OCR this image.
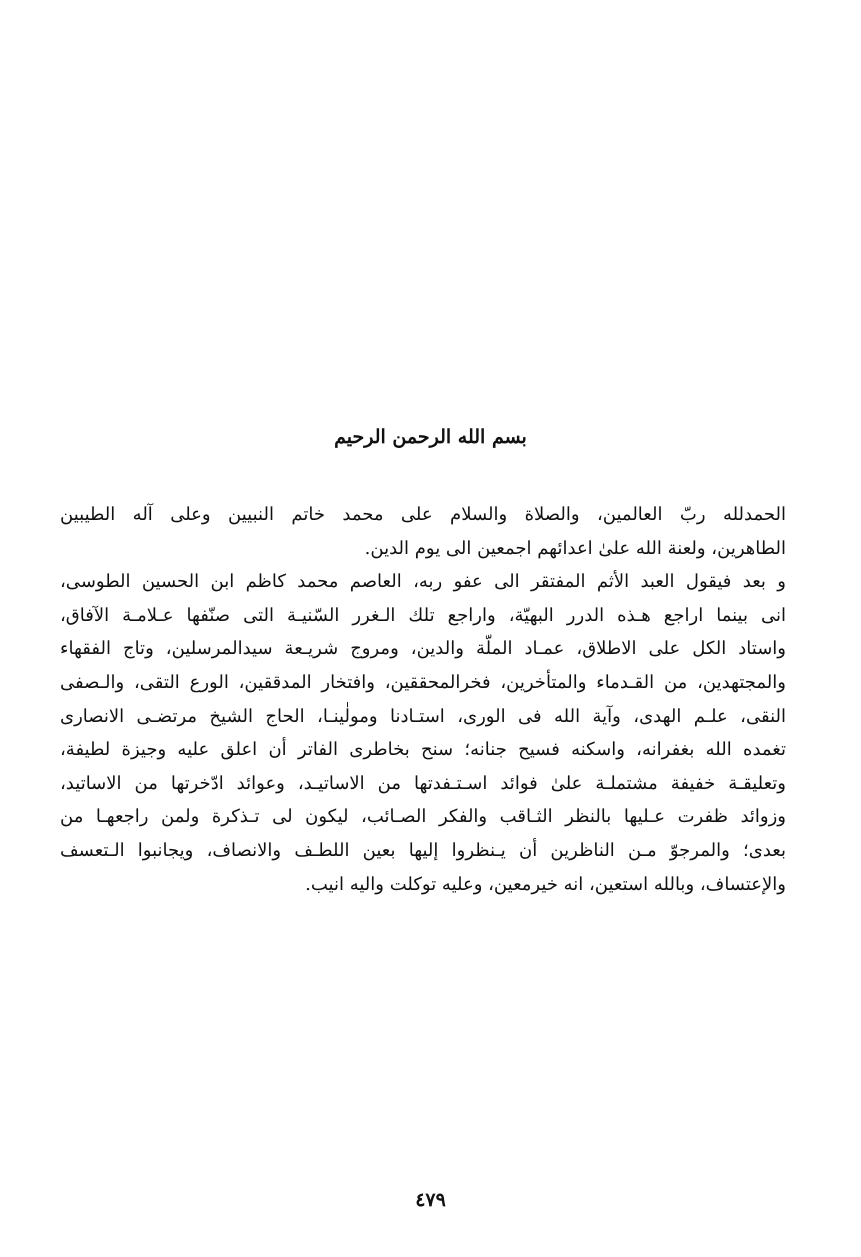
بسم الله الرحمن الرحيم
الحمدلله ربّ العالمين، والصلاة والسلام على محمد خاتم النبيين وعلى آله الطيبين
الطاهرين، ولعنة الله علىٰ اعدائهم اجمعين الى يوم الدين.
و بعد فيقول العبد الأثم المفتقر الى عفو ربه، العاصم محمد كاظم ابن الحسين الطوسى،
انى بينما اراجع هـذه الدرر البهيّة، واراجع تلك الـغرر السّنيـة التى صنّفها عـلامـة الآفاق،
واستاد الكل على الاطلاق، عمـاد الملّة والدين، ومروج شريـعة سيدالمرسلين، وتاج الفقهاء
والمجتهدين، من القـدماء والمتأخرين، فخرالمحققين، وافتخار المدققين، الورع التقى، والـصفى
النقى، علـم الهدى، وآية الله فى الورى، استـادنا ومولٰينـا، الحاج الشيخ مرتضـى الانصارى
تغمده الله بغفرانه، واسكنه فسيح جنانه؛ سنح بخاطرى الفاتر أن اعلق عليه وجيزة لطيفة،
وتعليقـة خفيفة مشتملـة علىٰ فوائد اسـتـفدتها من الاساتيـد، وعوائد ادّخرتها من الاساتيد،
وزوائد ظفرت عـليها بالنظر الثـاقب والفكر الصـائب، ليكون لى تـذكرة ولمن راجعهـا من
بعدى؛ والمرجوّ مـن الناظرين أن يـنظروا إليها بعين اللطـف والانصاف، ويجانبوا الـتعسف
والإعتساف، وبالله استعين، انه خيرمعين، وعليه توكلت واليه انيب.
٤٧٩
